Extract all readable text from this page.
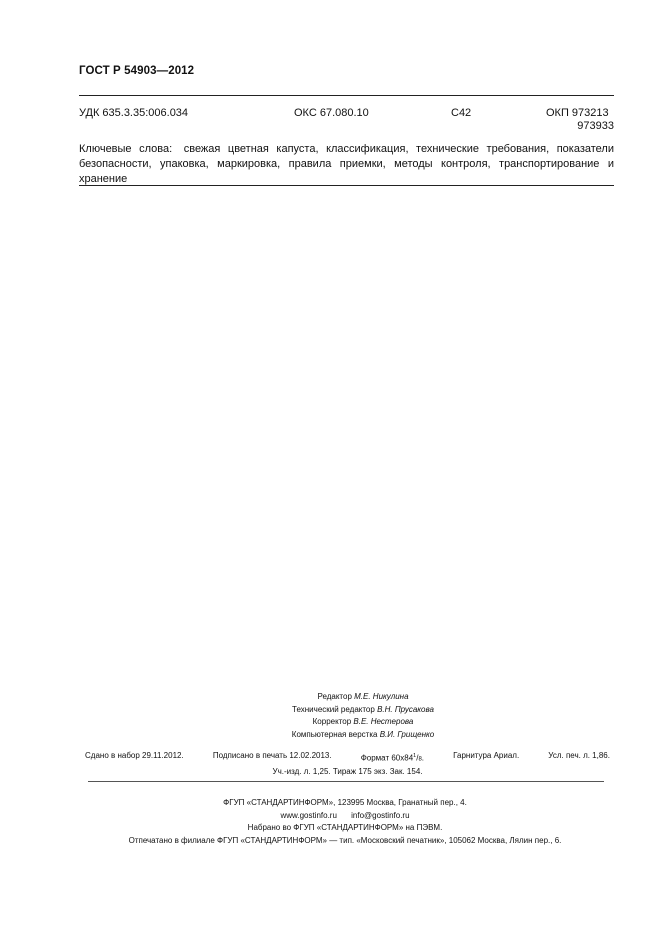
ГОСТ Р 54903—2012
УДК 635.3.35:006.034	ОКС 67.080.10	С42	ОКП 973213
973933
Ключевые слова: свежая цветная капуста, классификация, технические требования, показатели безопасности, упаковка, маркировка, правила приемки, методы контроля, транспортирование и хранение
Редактор М.Е. Никулина
Технический редактор В.Н. Прусакова
Корректор В.Е. Нестерова
Компьютерная верстка В.И. Грищенко
Сдано в набор 29.11.2012.	Подписано в печать 12.02.2013.	Формат $60х84^1/8$.	Гарнитура Ариал.	Усл. печ. л. 1,86.
Уч.-изд. л. 1,25. Тираж 175 экз. Зак. 154.
ФГУП «СТАНДАРТИНФОРМ», 123995 Москва, Гранатный пер., 4.
www.gostinfo.ru info@gostinfo.ru
Набрано во ФГУП «СТАНДАРТИНФОРМ» на ПЭВМ.
Отпечатано в филиале ФГУП «СТАНДАРТИНФОРМ» — тип. «Московский печатник», 105062 Москва, Лялин пер., 6.
